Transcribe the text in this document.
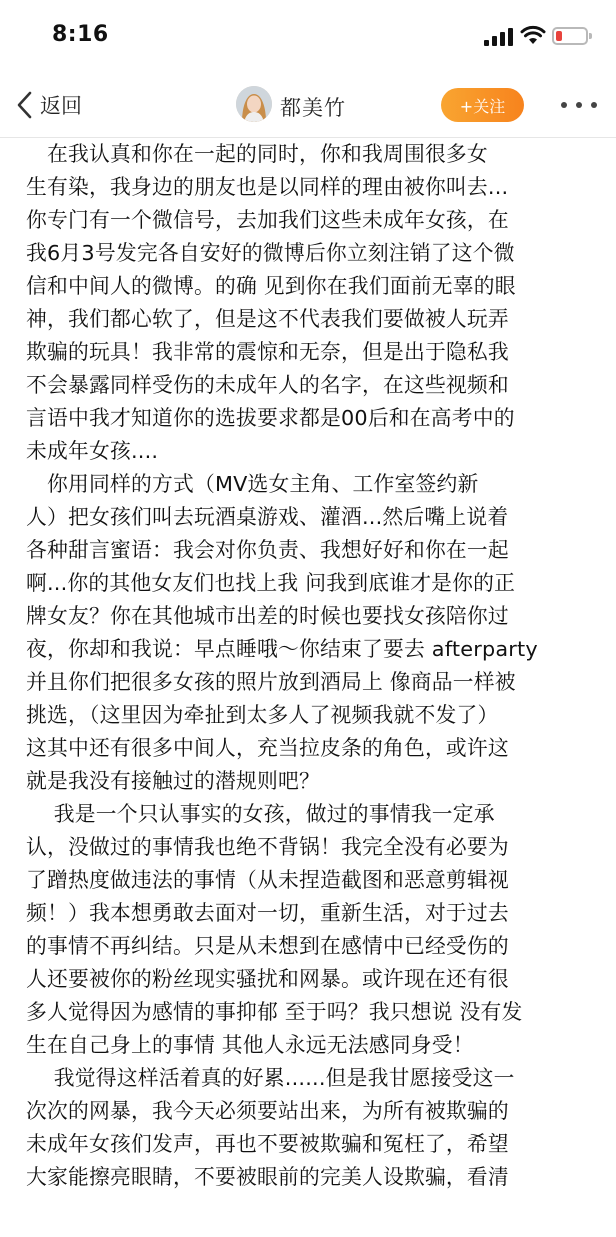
8:16
返回	都美竹	+关注
　在我认真和你在一起的同时，你和我周围很多女
生有染，我身边的朋友也是以同样的理由被你叫去...
你专门有一个微信号，去加我们这些未成年女孩，在
我6月3号发完各自安好的微博后你立刻注销了这个微
信和中间人的微博。的确 见到你在我们面前无辜的眼
神，我们都心软了，但是这不代表我们要做被人玩弄
欺骗的玩具！我非常的震惊和无奈，但是出于隐私我
不会暴露同样受伤的未成年人的名字，在这些视频和
言语中我才知道你的选拔要求都是00后和在高考中的
未成年女孩....
　你用同样的方式（MV选女主角、工作室签约新
人）把女孩们叫去玩酒桌游戏、灌酒...然后嘴上说着
各种甜言蜜语：我会对你负责、我想好好和你在一起
啊...你的其他女友们也找上我 问我到底谁才是你的正
牌女友？你在其他城市出差的时候也要找女孩陪你过
夜，你却和我说：早点睡哦～你结束了要去 afterparty
并且你们把很多女孩的照片放到酒局上 像商品一样被
挑选，（这里因为牵扯到太多人了视频我就不发了）
这其中还有很多中间人，充当拉皮条的角色，或许这
就是我没有接触过的潜规则吧？
　 我是一个只认事实的女孩，做过的事情我一定承
认，没做过的事情我也绝不背锅！我完全没有必要为
了蹭热度做违法的事情（从未捏造截图和恶意剪辑视
频！）我本想勇敢去面对一切，重新生活，对于过去
的事情不再纠结。只是从未想到在感情中已经受伤的
人还要被你的粉丝现实骚扰和网暴。或许现在还有很
多人觉得因为感情的事抑郁 至于吗？我只想说 没有发
生在自己身上的事情 其他人永远无法感同身受！
　 我觉得这样活着真的好累......但是我甘愿接受这一
次次的网暴，我今天必须要站出来，为所有被欺骗的
未成年女孩们发声，再也不要被欺骗和冤枉了，希望
大家能擦亮眼睛，不要被眼前的完美人设欺骗，看清
